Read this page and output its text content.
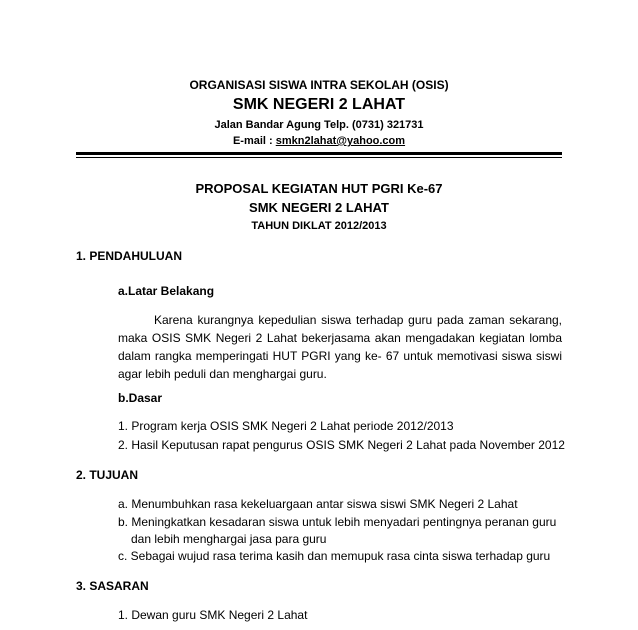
ORGANISASI SISWA INTRA SEKOLAH (OSIS)
SMK NEGERI 2 LAHAT
Jalan Bandar Agung Telp. (0731) 321731
E-mail : smkn2lahat@yahoo.com
PROPOSAL KEGIATAN HUT PGRI Ke-67
SMK NEGERI 2 LAHAT
TAHUN DIKLAT 2012/2013
1. PENDAHULUAN
a.Latar Belakang
Karena kurangnya kepedulian siswa terhadap guru pada zaman sekarang, maka OSIS SMK Negeri 2 Lahat bekerjasama akan mengadakan kegiatan lomba dalam rangka memperingati HUT PGRI yang ke- 67 untuk memotivasi siswa siswi agar lebih peduli dan menghargai guru.
b.Dasar
1. Program kerja OSIS SMK Negeri 2 Lahat periode 2012/2013
2. Hasil Keputusan rapat pengurus OSIS SMK Negeri 2 Lahat pada November 2012
2. TUJUAN
a. Menumbuhkan rasa kekeluargaan antar siswa siswi SMK Negeri 2 Lahat
b. Meningkatkan kesadaran siswa untuk lebih menyadari pentingnya peranan guru
dan lebih menghargai jasa para guru
c. Sebagai wujud rasa terima kasih dan memupuk rasa cinta siswa terhadap guru
3. SASARAN
1. Dewan guru SMK Negeri 2 Lahat
